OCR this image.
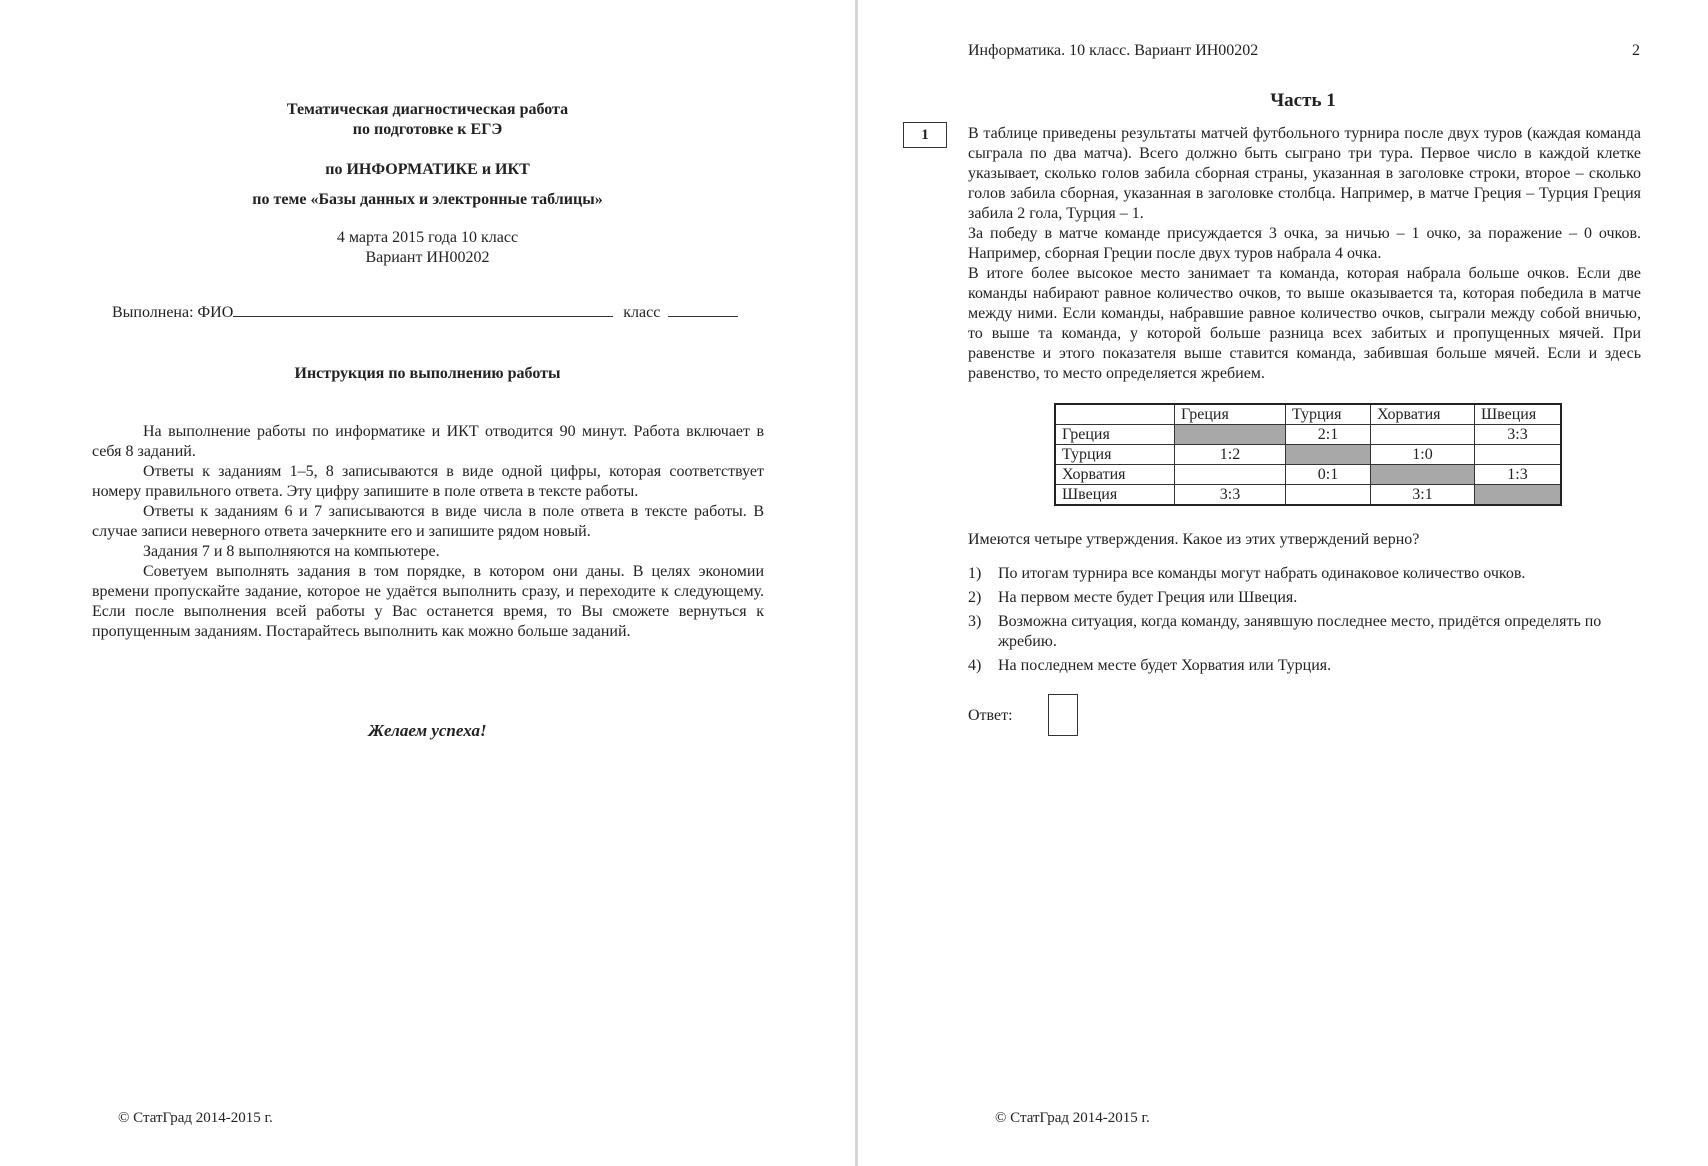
Тематическая диагностическая работа
по подготовке к ЕГЭ
по ИНФОРМАТИКЕ и ИКТ
по теме «Базы данных и электронные таблицы»
4 марта 2015 года 10 класс
Вариант ИН00202
Выполнена: ФИО	класс
Инструкция по выполнению работы

На выполнение работы по информатике и ИКТ отводится 90 минут. Работа включает в себя 8 заданий.

Ответы к заданиям 1–5, 8 записываются в виде одной цифры, которая соответствует номеру правильного ответа. Эту цифру запишите в поле ответа в тексте работы.

Ответы к заданиям 6 и 7 записываются в виде числа в поле ответа в тексте работы. В случае записи неверного ответа зачеркните его и запишите рядом новый.

Задания 7 и 8 выполняются на компьютере.

Советуем выполнять задания в том порядке, в котором они даны. В целях экономии времени пропускайте задание, которое не удаётся выполнить сразу, и переходите к следующему. Если после выполнения всей работы у Вас останется время, то Вы сможете вернуться к пропущенным заданиям. Постарайтесь выполнить как можно больше заданий.

Желаем успеха!
© СтатГрад 2014-2015 г.
Информатика. 10 класс. Вариант ИН00202	2
Часть 1
1	В таблице приведены результаты матчей футбольного турнира после двух туров (каждая команда сыграла по два матча). Всего должно быть сыграно три тура. Первое число в каждой клетке указывает, сколько голов забила сборная страны, указанная в заголовке строки, второе – сколько голов забила сборная, указанная в заголовке столбца. Например, в матче Греция – Турция Греция забила 2 гола, Турция – 1.

За победу в матче команде присуждается 3 очка, за ничью – 1 очко, за поражение – 0 очков. Например, сборная Греции после двух туров набрала 4 очка.

В итоге более высокое место занимает та команда, которая набрала больше очков. Если две команды набирают равное количество очков, то выше оказывается та, которая победила в матче между ними. Если команды, набравшие равное количество очков, сыграли между собой вничью, то выше та команда, у которой больше разница всех забитых и пропущенных мячей. При равенстве и этого показателя выше ставится команда, забившая больше мячей. Если и здесь равенство, то место определяется жребием.

	Греция	Турция	Хорватия	Швеция
Греция		2:1		3:3
Турция	1:2		1:0	
Хорватия		0:1		1:3
Швеция	3:3		3:1	
Имеются четыре утверждения. Какое из этих утверждений верно?
1)	По итогам турнира все команды могут набрать одинаковое количество очков.
2)	На первом месте будет Греция или Швеция.
3)	Возможна ситуация, когда команду, занявшую последнее место, придётся определять по жребию.
4)	На последнем месте будет Хорватия или Турция.
Ответ:
© СтатГрад 2014-2015 г.
